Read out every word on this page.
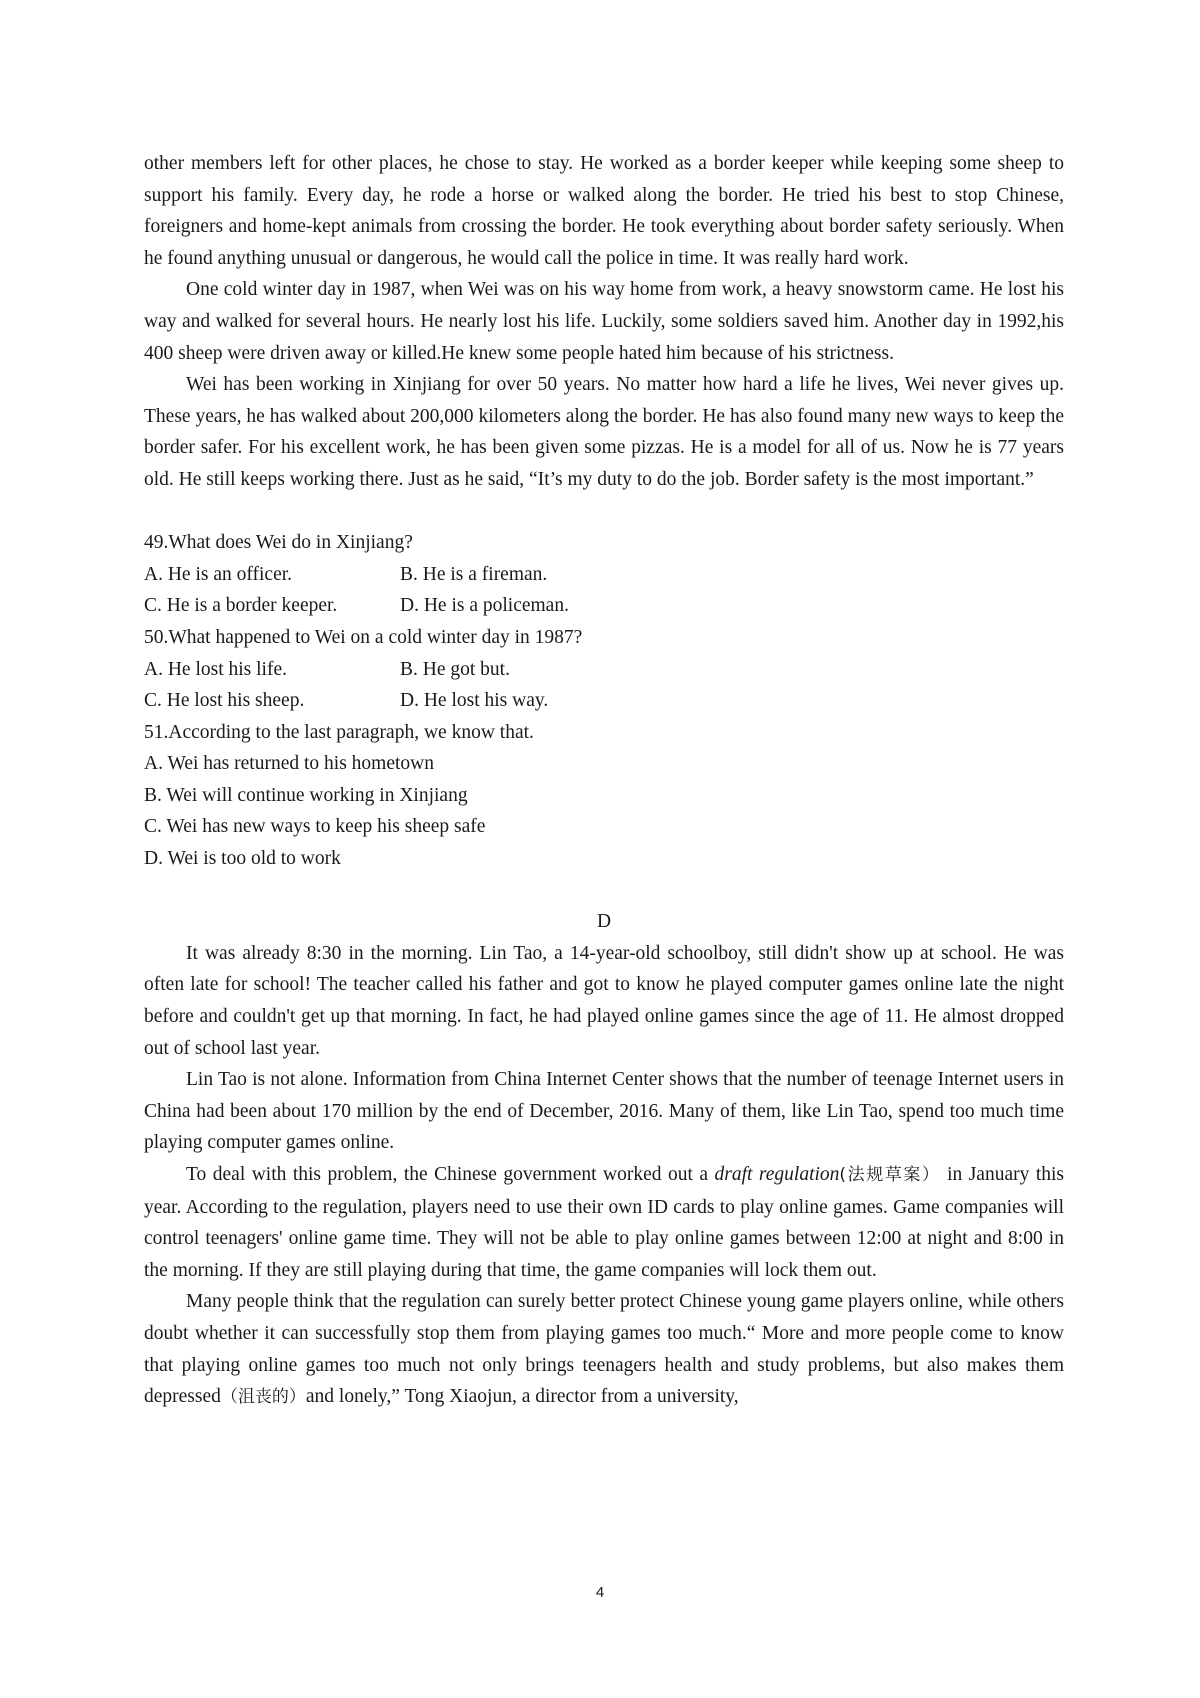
other members left for other places, he chose to stay. He worked as a border keeper while keeping some sheep to support his family. Every day, he rode a horse or walked along the border. He tried his best to stop Chinese, foreigners and home-kept animals from crossing the border. He took everything about border safety seriously. When he found anything unusual or dangerous, he would call the police in time. It was really hard work.

One cold winter day in 1987, when Wei was on his way home from work, a heavy snowstorm came. He lost his way and walked for several hours. He nearly lost his life. Luckily, some soldiers saved him. Another day in 1992,his 400 sheep were driven away or killed.He knew some people hated him because of his strictness.

Wei has been working in Xinjiang for over 50 years. No matter how hard a life he lives, Wei never gives up. These years, he has walked about 200,000 kilometers along the border. He has also found many new ways to keep the border safer. For his excellent work, he has been given some pizzas. He is a model for all of us. Now he is 77 years old. He still keeps working there. Just as he said, “It’s my duty to do the job. Border safety is the most important.”

49.What does Wei do in Xinjiang?

A. He is an officer.	B. He is a fireman.
C. He is a border keeper.	D. He is a policeman.

50.What happened to Wei on a cold winter day in 1987?

A. He lost his life.	B. He got but.
C. He lost his sheep.	D. He lost his way.

51.According to the last paragraph, we know that.

A. Wei has returned to his hometown

B. Wei will continue working in Xinjiang

C. Wei has new ways to keep his sheep safe

D. Wei is too old to work

D

It was already 8:30 in the morning. Lin Tao, a 14-year-old schoolboy, still didn't show up at school. He was often late for school! The teacher called his father and got to know he played computer games online late the night before and couldn't get up that morning. In fact, he had played online games since the age of 11. He almost dropped out of school last year.

Lin Tao is not alone. Information from China Internet Center shows that the number of teenage Internet users in China had been about 170 million by the end of December, 2016. Many of them, like Lin Tao, spend too much time playing computer games online.

To deal with this problem, the Chinese government worked out a draft regulation(法规草案） in January this year. According to the regulation, players need to use their own ID cards to play online games. Game companies will control teenagers' online game time. They will not be able to play online games between 12:00 at night and 8:00 in the morning. If they are still playing during that time, the game companies will lock them out.

Many people think that the regulation can surely better protect Chinese young game players online, while others doubt whether it can successfully stop them from playing games too much.“ More and more people come to know that playing online games too much not only brings teenagers health and study problems, but also makes them depressed（沮丧的）and lonely,” Tong Xiaojun, a director from a university,

4
